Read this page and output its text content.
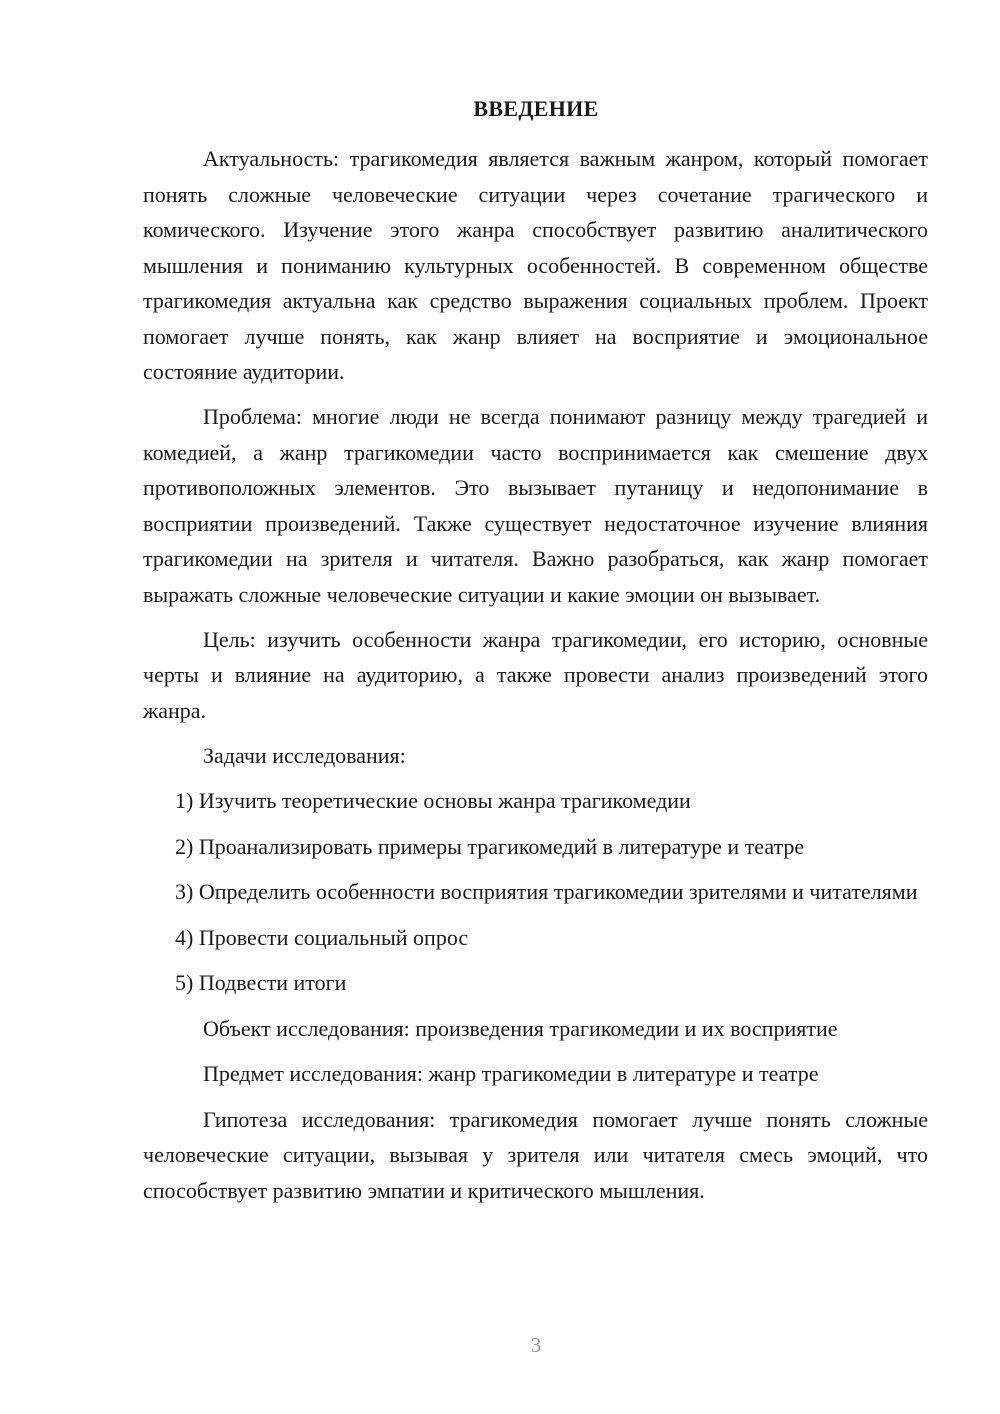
ВВЕДЕНИЕ

Актуальность: трагикомедия является важным жанром, который помогает понять сложные человеческие ситуации через сочетание трагического и комического. Изучение этого жанра способствует развитию аналитического мышления и пониманию культурных особенностей. В современном обществе трагикомедия актуальна как средство выражения социальных проблем. Проект помогает лучше понять, как жанр влияет на восприятие и эмоциональное состояние аудитории.

Проблема: многие люди не всегда понимают разницу между трагедией и комедией, а жанр трагикомедии часто воспринимается как смешение двух противоположных элементов. Это вызывает путаницу и недопонимание в восприятии произведений. Также существует недостаточное изучение влияния трагикомедии на зрителя и читателя. Важно разобраться, как жанр помогает выражать сложные человеческие ситуации и какие эмоции он вызывает.

Цель: изучить особенности жанра трагикомедии, его историю, основные черты и влияние на аудиторию, а также провести анализ произведений этого жанра.

Задачи исследования:

1) Изучить теоретические основы жанра трагикомедии

2) Проанализировать примеры трагикомедий в литературе и театре

3) Определить особенности восприятия трагикомедии зрителями и читателями

4) Провести социальный опрос

5) Подвести итоги

Объект исследования: произведения трагикомедии и их восприятие

Предмет исследования: жанр трагикомедии в литературе и театре

Гипотеза исследования: трагикомедия помогает лучше понять сложные человеческие ситуации, вызывая у зрителя или читателя смесь эмоций, что способствует развитию эмпатии и критического мышления.

3
